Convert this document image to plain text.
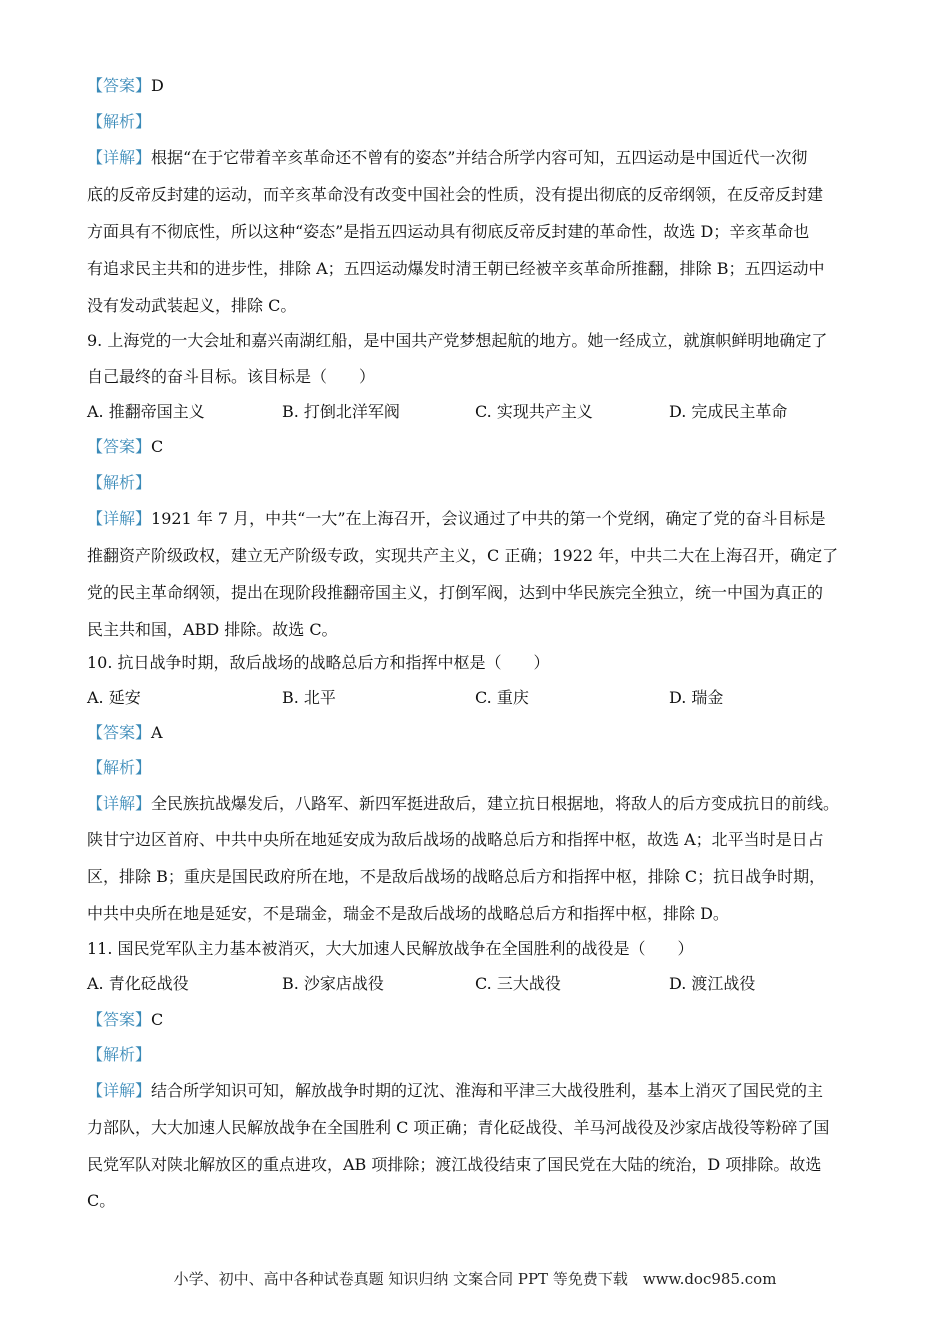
【答案】D
【解析】
【详解】根据“在于它带着辛亥革命还不曾有的姿态”并结合所学内容可知，五四运动是中国近代一次彻
底的反帝反封建的运动，而辛亥革命没有改变中国社会的性质，没有提出彻底的反帝纲领，在反帝反封建
方面具有不彻底性，所以这种“姿态”是指五四运动具有彻底反帝反封建的革命性，故选 D；辛亥革命也
有追求民主共和的进步性，排除 A；五四运动爆发时清王朝已经被辛亥革命所推翻，排除 B；五四运动中
没有发动武装起义，排除 C。
9. 上海党的一大会址和嘉兴南湖红船，是中国共产党梦想起航的地方。她一经成立，就旗帜鲜明地确定了
自己最终的奋斗目标。该目标是（　　）
A. 推翻帝国主义	B. 打倒北洋军阀	C. 实现共产主义	D. 完成民主革命
【答案】C
【解析】
【详解】1921 年 7 月，中共“一大”在上海召开，会议通过了中共的第一个党纲，确定了党的奋斗目标是
推翻资产阶级政权，建立无产阶级专政，实现共产主义，C 正确；1922 年，中共二大在上海召开，确定了
党的民主革命纲领，提出在现阶段推翻帝国主义，打倒军阀，达到中华民族完全独立，统一中国为真正的
民主共和国，ABD 排除。故选 C。
10. 抗日战争时期，敌后战场的战略总后方和指挥中枢是（　　）
A. 延安	B. 北平	C. 重庆	D. 瑞金
【答案】A
【解析】
【详解】全民族抗战爆发后，八路军、新四军挺进敌后，建立抗日根据地，将敌人的后方变成抗日的前线。
陕甘宁边区首府、中共中央所在地延安成为敌后战场的战略总后方和指挥中枢，故选 A；北平当时是日占
区，排除 B；重庆是国民政府所在地，不是敌后战场的战略总后方和指挥中枢，排除 C；抗日战争时期，
中共中央所在地是延安，不是瑞金，瑞金不是敌后战场的战略总后方和指挥中枢，排除 D。
11. 国民党军队主力基本被消灭，大大加速人民解放战争在全国胜利的战役是（　　）
A. 青化砭战役	B. 沙家店战役	C. 三大战役	D. 渡江战役
【答案】C
【解析】
【详解】结合所学知识可知，解放战争时期的辽沈、淮海和平津三大战役胜利，基本上消灭了国民党的主
力部队，大大加速人民解放战争在全国胜利 C 项正确；青化砭战役、羊马河战役及沙家店战役等粉碎了国
民党军队对陕北解放区的重点进攻，AB 项排除；渡江战役结束了国民党在大陆的统治，D 项排除。故选
C。
小学、初中、高中各种试卷真题 知识归纳 文案合同 PPT 等免费下载　www.doc985.com
